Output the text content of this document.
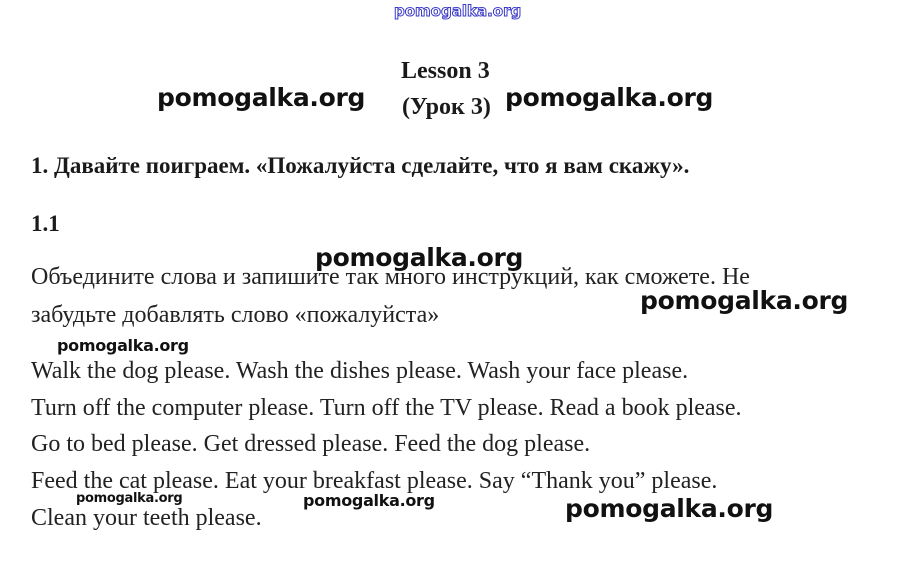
pomogalka.org
Lesson 3
(Урок 3)
1. Давайте поиграем. «Пожалуйста сделайте, что я вам скажу».
1.1
Объедините слова и запишите так много инструкций, как сможете. Не
забудьте добавлять слово «пожалуйста»
Walk the dog please. Wash the dishes please. Wash your face please.
Turn off the computer please. Turn off the TV please. Read a book please.
Go to bed please. Get dressed please. Feed the dog please.
Feed the cat please. Eat your breakfast please. Say “Thank you” please.
Clean your teeth please.
pomogalka.org	pomogalka.org
pomogalka.org
pomogalka.org
pomogalka.org
pomogalka.org	pomogalka.org	pomogalka.org
